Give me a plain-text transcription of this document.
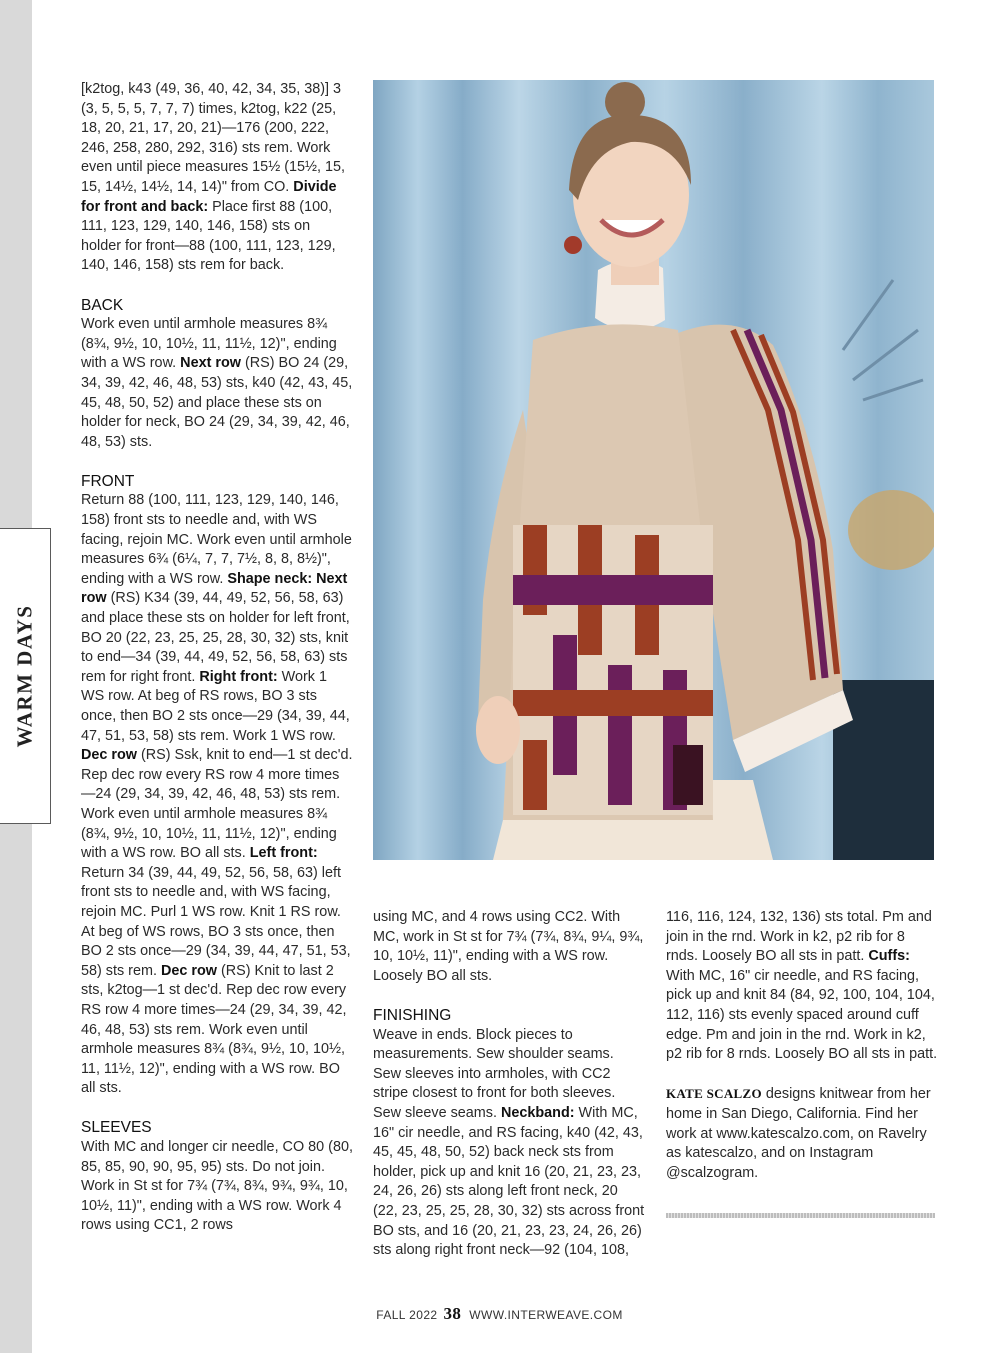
WARM DAYS

[k2tog, k43 (49, 36, 40, 42, 34, 35, 38)] 3 (3, 5, 5, 5, 7, 7, 7) times, k2tog, k22 (25, 18, 20, 21, 17, 20, 21)—176 (200, 222, 246, 258, 280, 292, 316) sts rem. Work even until piece measures 15½ (15½, 15, 15, 14½, 14½, 14, 14)" from CO. Divide for front and back: Place first 88 (100, 111, 123, 129, 140, 146, 158) sts on holder for front—88 (100, 111, 123, 129, 140, 146, 158) sts rem for back.

BACK

Work even until armhole measures 8¾ (8¾, 9½, 10, 10½, 11, 11½, 12)", ending with a WS row. Next row (RS) BO 24 (29, 34, 39, 42, 46, 48, 53) sts, k40 (42, 43, 45, 45, 48, 50, 52) and place these sts on holder for neck, BO 24 (29, 34, 39, 42, 46, 48, 53) sts.

FRONT

Return 88 (100, 111, 123, 129, 140, 146, 158) front sts to needle and, with WS facing, rejoin MC. Work even until armhole measures 6¾ (6¼, 7, 7, 7½, 8, 8, 8½)", ending with a WS row. Shape neck: Next row (RS) K34 (39, 44, 49, 52, 56, 58, 63) and place these sts on holder for left front, BO 20 (22, 23, 25, 25, 28, 30, 32) sts, knit to end—34 (39, 44, 49, 52, 56, 58, 63) sts rem for right front. Right front: Work 1 WS row. At beg of RS rows, BO 3 sts once, then BO 2 sts once—29 (34, 39, 44, 47, 51, 53, 58) sts rem. Work 1 WS row. Dec row (RS) Ssk, knit to end—1 st dec'd. Rep dec row every RS row 4 more times—24 (29, 34, 39, 42, 46, 48, 53) sts rem. Work even until armhole measures 8¾ (8¾, 9½, 10, 10½, 11, 11½, 12)", ending with a WS row. BO all sts. Left front: Return 34 (39, 44, 49, 52, 56, 58, 63) left front sts to needle and, with WS facing, rejoin MC. Purl 1 WS row. Knit 1 RS row. At beg of WS rows, BO 3 sts once, then BO 2 sts once—29 (34, 39, 44, 47, 51, 53, 58) sts rem. Dec row (RS) Knit to last 2 sts, k2tog—1 st dec'd. Rep dec row every RS row 4 more times—24 (29, 34, 39, 42, 46, 48, 53) sts rem. Work even until armhole measures 8¾ (8¾, 9½, 10, 10½, 11, 11½, 12)", ending with a WS row. BO all sts.

SLEEVES

With MC and longer cir needle, CO 80 (80, 85, 85, 90, 90, 95, 95) sts. Do not join. Work in St st for 7¾ (7¾, 8¾, 9¾, 9¾, 10, 10½, 11)", ending with a WS row. Work 4 rows using CC1, 2 rows

using MC, and 4 rows using CC2. With MC, work in St st for 7¾ (7¾, 8¾, 9¼, 9¾, 10, 10½, 11)", ending with a WS row. Loosely BO all sts.

FINISHING

Weave in ends. Block pieces to measurements. Sew shoulder seams. Sew sleeves into armholes, with CC2 stripe closest to front for both sleeves. Sew sleeve seams. Neckband: With MC, 16" cir needle, and RS facing, k40 (42, 43, 45, 45, 48, 50, 52) back neck sts from holder, pick up and knit 16 (20, 21, 23, 23, 24, 26, 26) sts along left front neck, 20 (22, 23, 25, 25, 28, 30, 32) sts across front BO sts, and 16 (20, 21, 23, 23, 24, 26, 26) sts along right front neck—92 (104, 108,

116, 116, 124, 132, 136) sts total. Pm and join in the rnd. Work in k2, p2 rib for 8 rnds. Loosely BO all sts in patt. Cuffs: With MC, 16" cir needle, and RS facing, pick up and knit 84 (84, 92, 100, 104, 104, 112, 116) sts evenly spaced around cuff edge. Pm and join in the rnd. Work in k2, p2 rib for 8 rnds. Loosely BO all sts in patt.

KATE SCALZO designs knitwear from her home in San Diego, California. Find her work at www.katescalzo.com, on Ravelry as katescalzo, and on Instagram @scalzogram.

FALL 2022 38 WWW.INTERWEAVE.COM
